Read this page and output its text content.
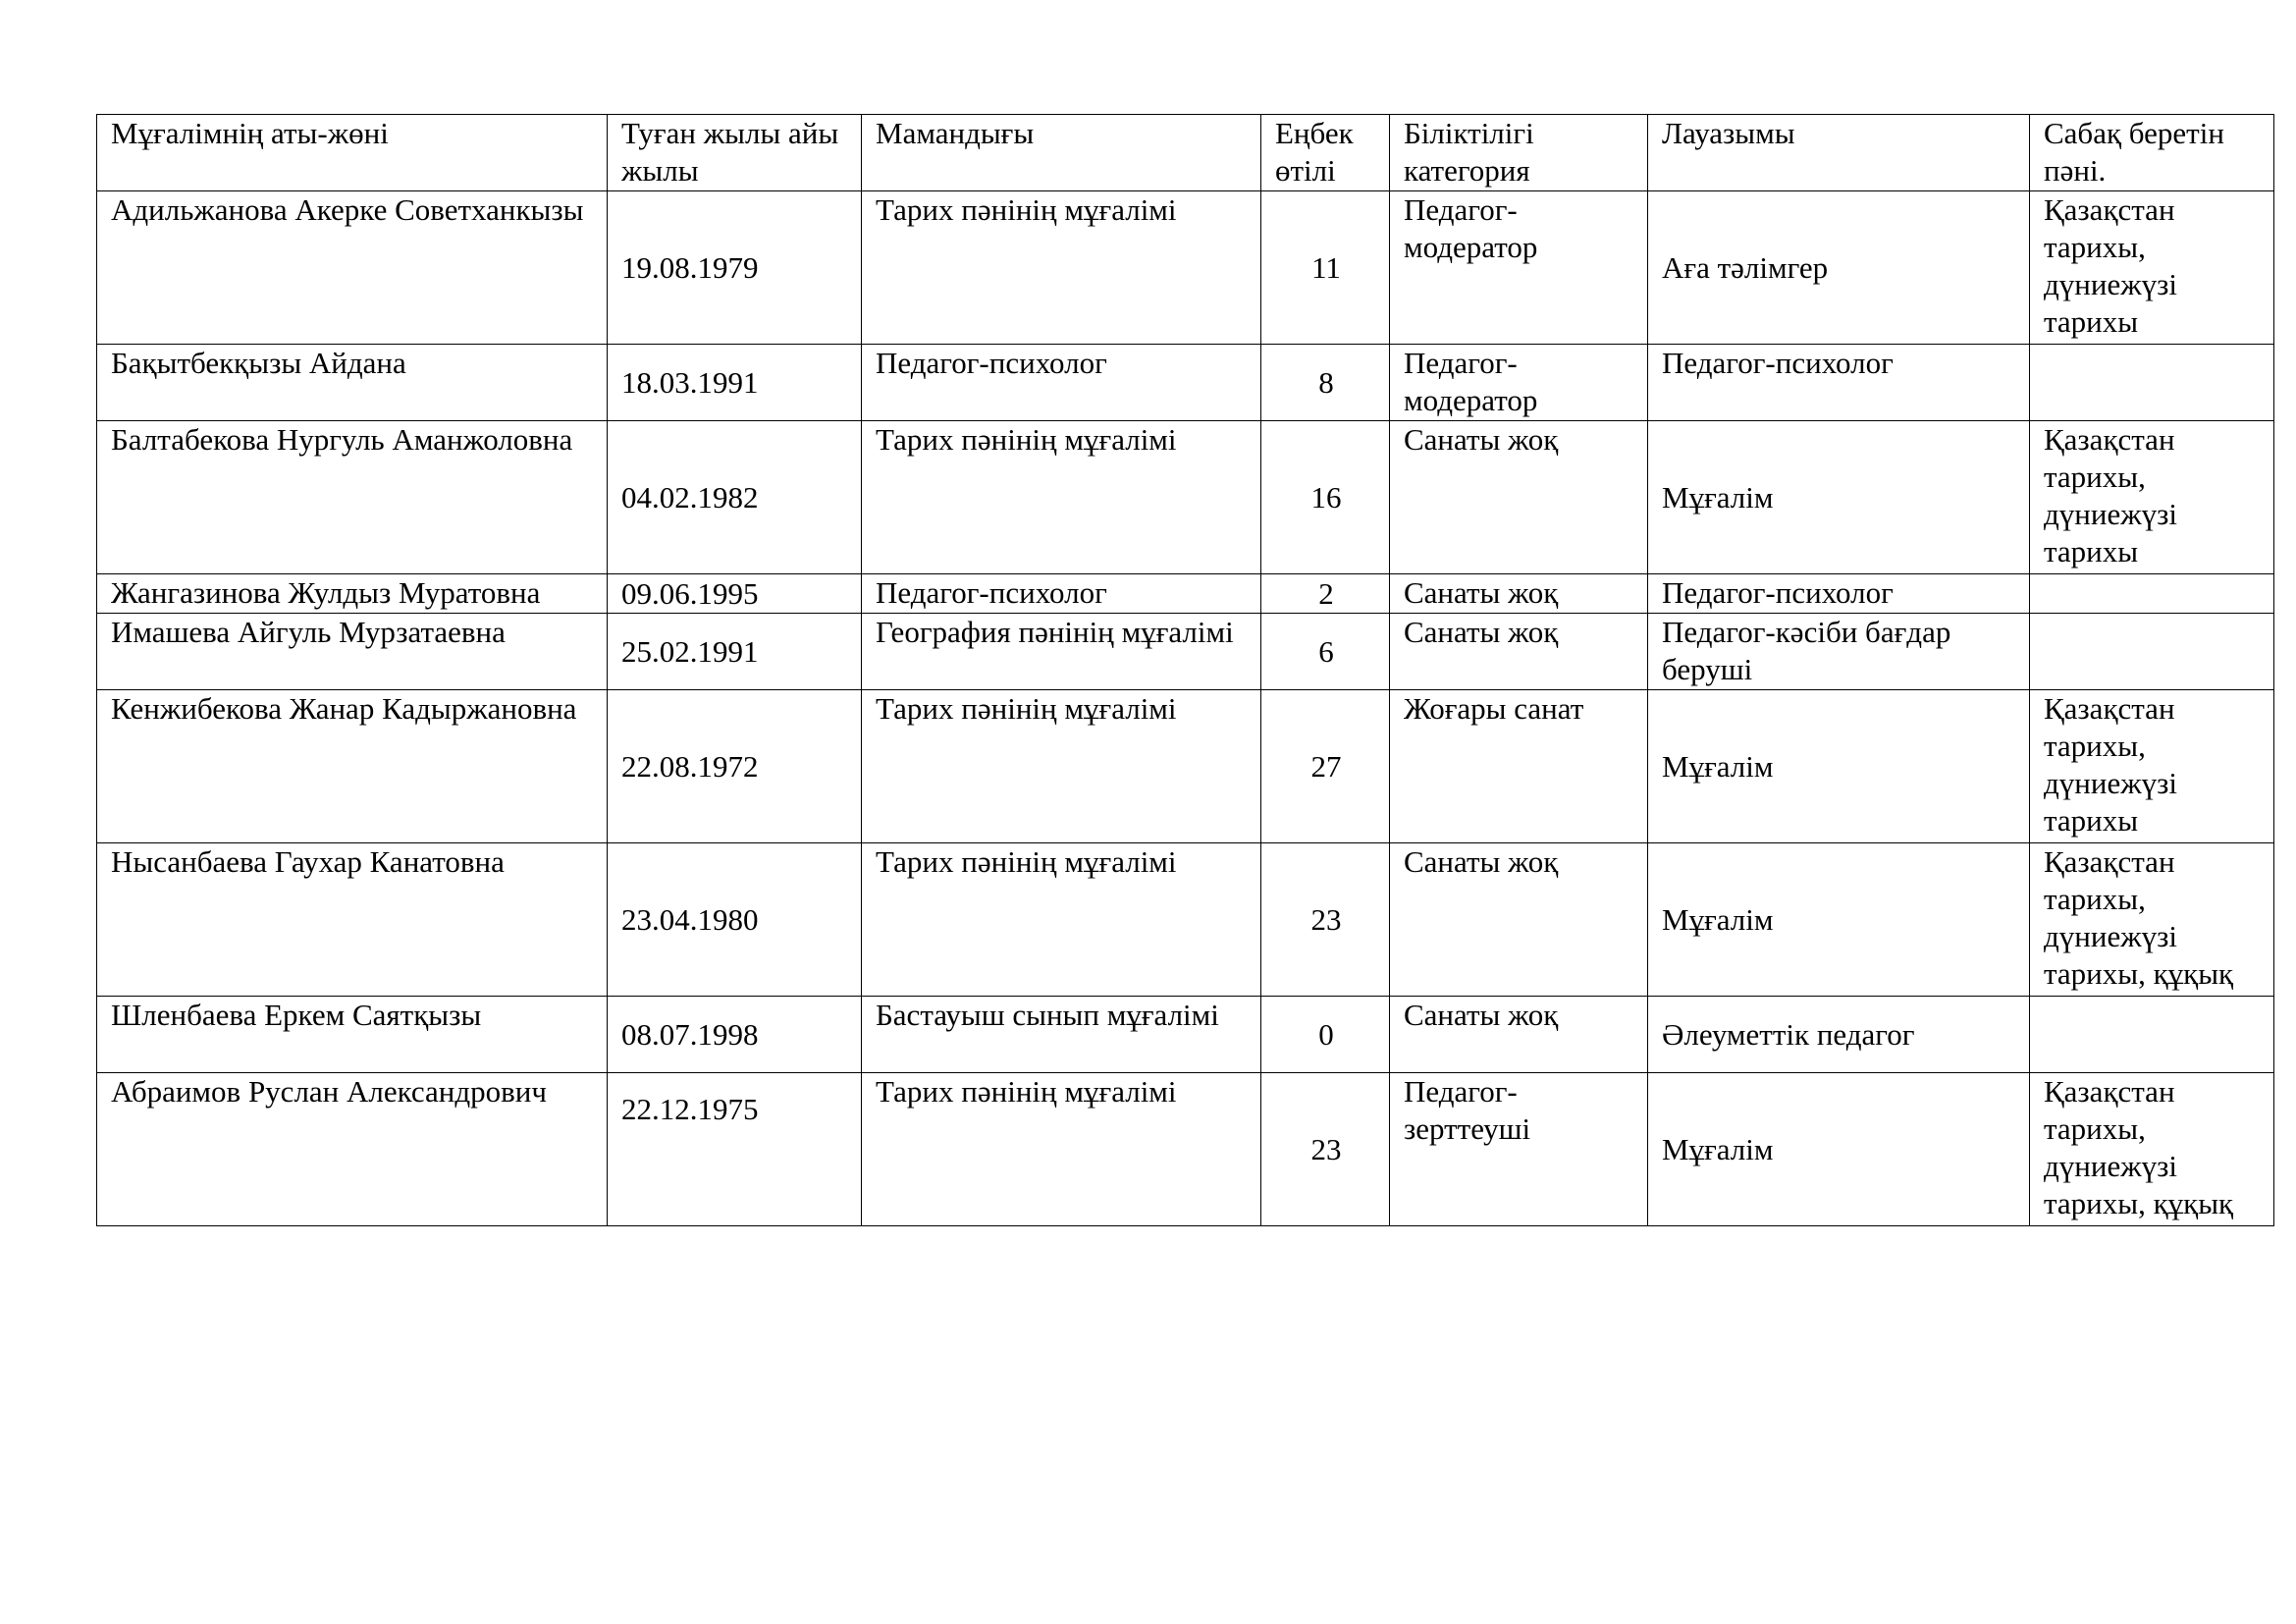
Мұғалімнің аты-жөні	Туған жылы айы жылы	Мамандығы	Еңбек өтілі	Біліктілігі категория	Лауазымы	Сабақ беретін пәні.
Адильжанова Акерке Советханкызы	19.08.1979	Тарих пәнінің мұғалімі	11	Педагог-модератор	Аға тәлімгер	Қазақстан тарихы, дүниежүзі тарихы
Бақытбекқызы Айдана	18.03.1991	Педагог-психолог	8	Педагог-модератор	Педагог-психолог	
Балтабекова Нургуль Аманжоловна	04.02.1982	Тарих пәнінің мұғалімі	16	Санаты жоқ	Мұғалім	Қазақстан тарихы, дүниежүзі тарихы
Жангазинова Жулдыз Муратовна	09.06.1995	Педагог-психолог	2	Санаты жоқ	Педагог-психолог	
Имашева Айгуль Мурзатаевна	25.02.1991	География пәнінің мұғалімі	6	Санаты жоқ	Педагог-кәсіби бағдар беруші	
Кенжибекова Жанар Кадыржановна	22.08.1972	Тарих пәнінің мұғалімі	27	Жоғары санат	Мұғалім	Қазақстан тарихы, дүниежүзі тарихы
Нысанбаева Гаухар Канатовна	23.04.1980	Тарих пәнінің мұғалімі	23	Санаты жоқ	Мұғалім	Қазақстан тарихы, дүниежүзі тарихы, құқық
Шленбаева Еркем Саятқызы	08.07.1998	Бастауыш сынып мұғалімі	0	Санаты жоқ	Әлеуметтік педагог	
Абраимов Руслан Александрович	22.12.1975	Тарих пәнінің мұғалімі	23	Педагог-зерттеуші	Мұғалім	Қазақстан тарихы, дүниежүзі тарихы, құқық
